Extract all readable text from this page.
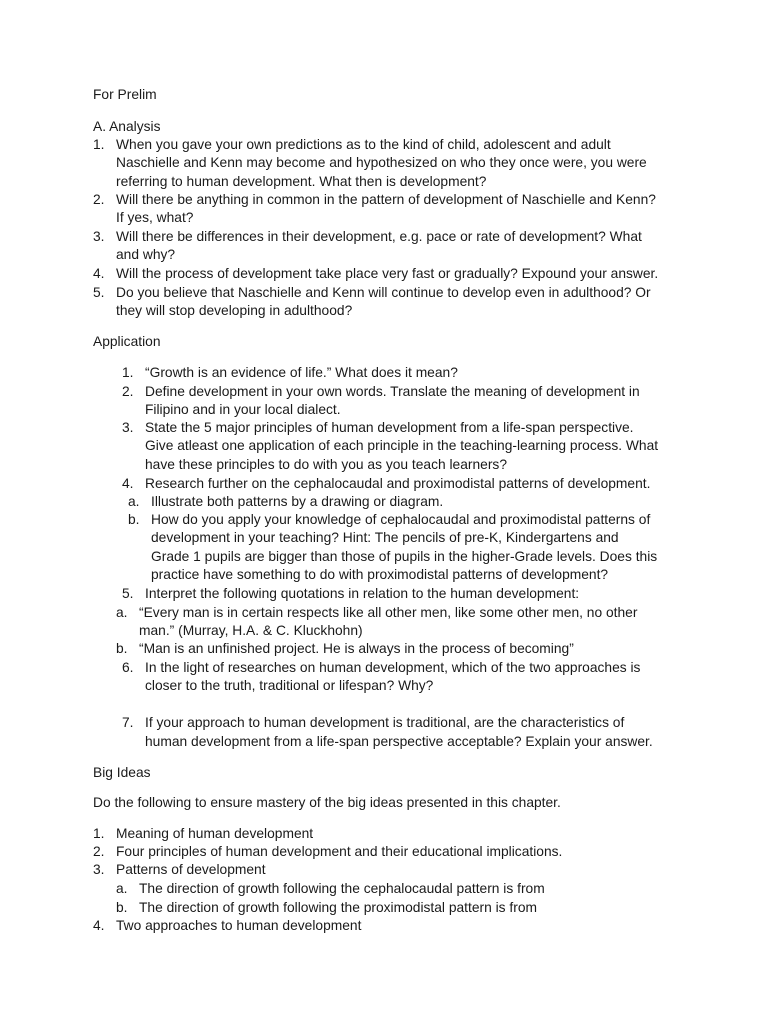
For Prelim
A. Analysis
1. When you gave your own predictions as to the kind of child, adolescent and adult
Naschielle and Kenn may become and hypothesized on who they once were, you were
referring to human development. What then is development?
2. Will there be anything in common in the pattern of development of Naschielle and Kenn?
If yes, what?
3. Will there be differences in their development, e.g. pace or rate of development? What
and why?
4. Will the process of development take place very fast or gradually? Expound your answer.
5. Do you believe that Naschielle and Kenn will continue to develop even in adulthood? Or
they will stop developing in adulthood?
Application
1. “Growth is an evidence of life.” What does it mean?
2. Define development in your own words. Translate the meaning of development in
Filipino and in your local dialect.
3. State the 5 major principles of human development from a life-span perspective.
Give atleast one application of each principle in the teaching-learning process. What
have these principles to do with you as you teach learners?
4. Research further on the cephalocaudal and proximodistal patterns of development.
a. Illustrate both patterns by a drawing or diagram.
b. How do you apply your knowledge of cephalocaudal and proximodistal patterns of
development in your teaching? Hint: The pencils of pre-K, Kindergartens and
Grade 1 pupils are bigger than those of pupils in the higher-Grade levels. Does this
practice have something to do with proximodistal patterns of development?
5. Interpret the following quotations in relation to the human development:
a. “Every man is in certain respects like all other men, like some other men, no other
man.” (Murray, H.A. & C. Kluckhohn)
b. “Man is an unfinished project. He is always in the process of becoming”
6. In the light of researches on human development, which of the two approaches is
closer to the truth, traditional or lifespan? Why?
7. If your approach to human development is traditional, are the characteristics of
human development from a life-span perspective acceptable? Explain your answer.
Big Ideas
Do the following to ensure mastery of the big ideas presented in this chapter.
1. Meaning of human development
2. Four principles of human development and their educational implications.
3. Patterns of development
a. The direction of growth following the cephalocaudal pattern is from
b. The direction of growth following the proximodistal pattern is from
4. Two approaches to human development
